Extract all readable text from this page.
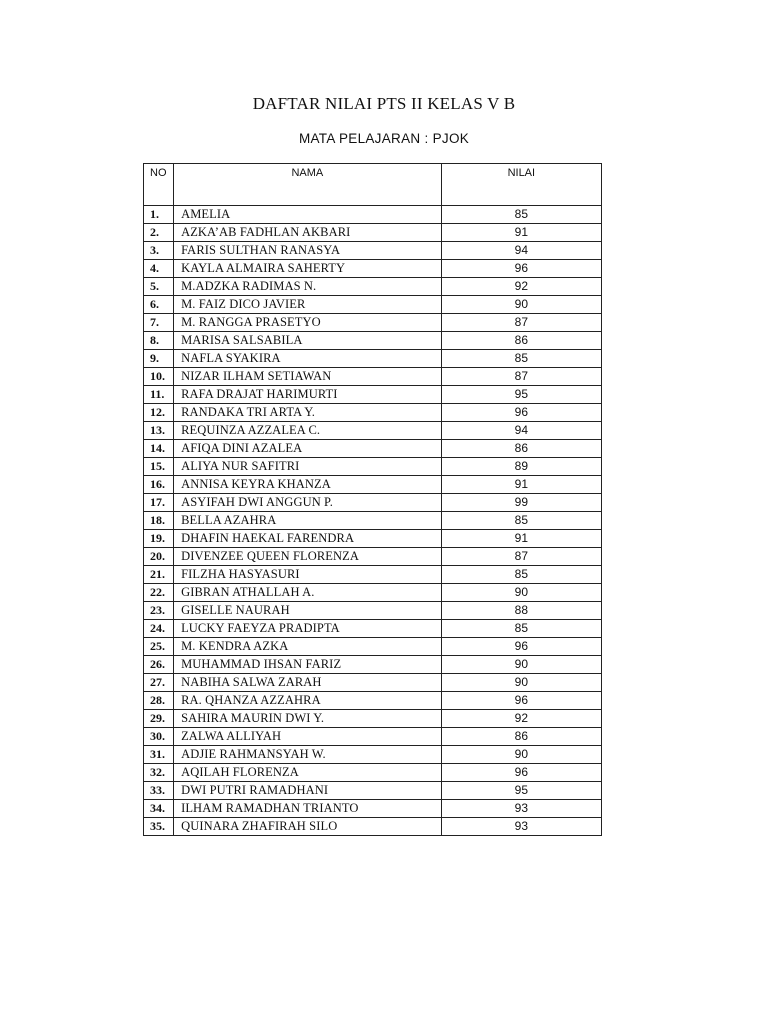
DAFTAR NILAI PTS II KELAS V B
MATA PELAJARAN : PJOK
NO	NAMA	NILAI
1.	AMELIA	85
2.	AZKA’AB FADHLAN AKBARI	91
3.	FARIS SULTHAN RANASYA	94
4.	KAYLA ALMAIRA SAHERTY	96
5.	M.ADZKA RADIMAS N.	92
6.	M. FAIZ DICO JAVIER	90
7.	M. RANGGA PRASETYO	87
8.	MARISA SALSABILA	86
9.	NAFLA SYAKIRA	85
10.	NIZAR ILHAM SETIAWAN	87
11.	RAFA DRAJAT HARIMURTI	95
12.	RANDAKA TRI ARTA Y.	96
13.	REQUINZA AZZALEA C.	94
14.	AFIQA DINI AZALEA	86
15.	ALIYA NUR SAFITRI	89
16.	ANNISA KEYRA KHANZA	91
17.	ASYIFAH DWI ANGGUN P.	99
18.	BELLA AZAHRA	85
19.	DHAFIN HAEKAL FARENDRA	91
20.	DIVENZEE QUEEN FLORENZA	87
21.	FILZHA HASYASURI	85
22.	GIBRAN ATHALLAH A.	90
23.	GISELLE NAURAH	88
24.	LUCKY FAEYZA PRADIPTA	85
25.	M. KENDRA AZKA	96
26.	MUHAMMAD IHSAN FARIZ	90
27.	NABIHA SALWA ZARAH	90
28.	RA. QHANZA AZZAHRA	96
29.	SAHIRA MAURIN DWI Y.	92
30.	ZALWA ALLIYAH	86
31.	ADJIE RAHMANSYAH W.	90
32.	AQILAH FLORENZA	96
33.	DWI PUTRI RAMADHANI	95
34.	ILHAM RAMADHAN TRIANTO	93
35.	QUINARA ZHAFIRAH SILO	93
